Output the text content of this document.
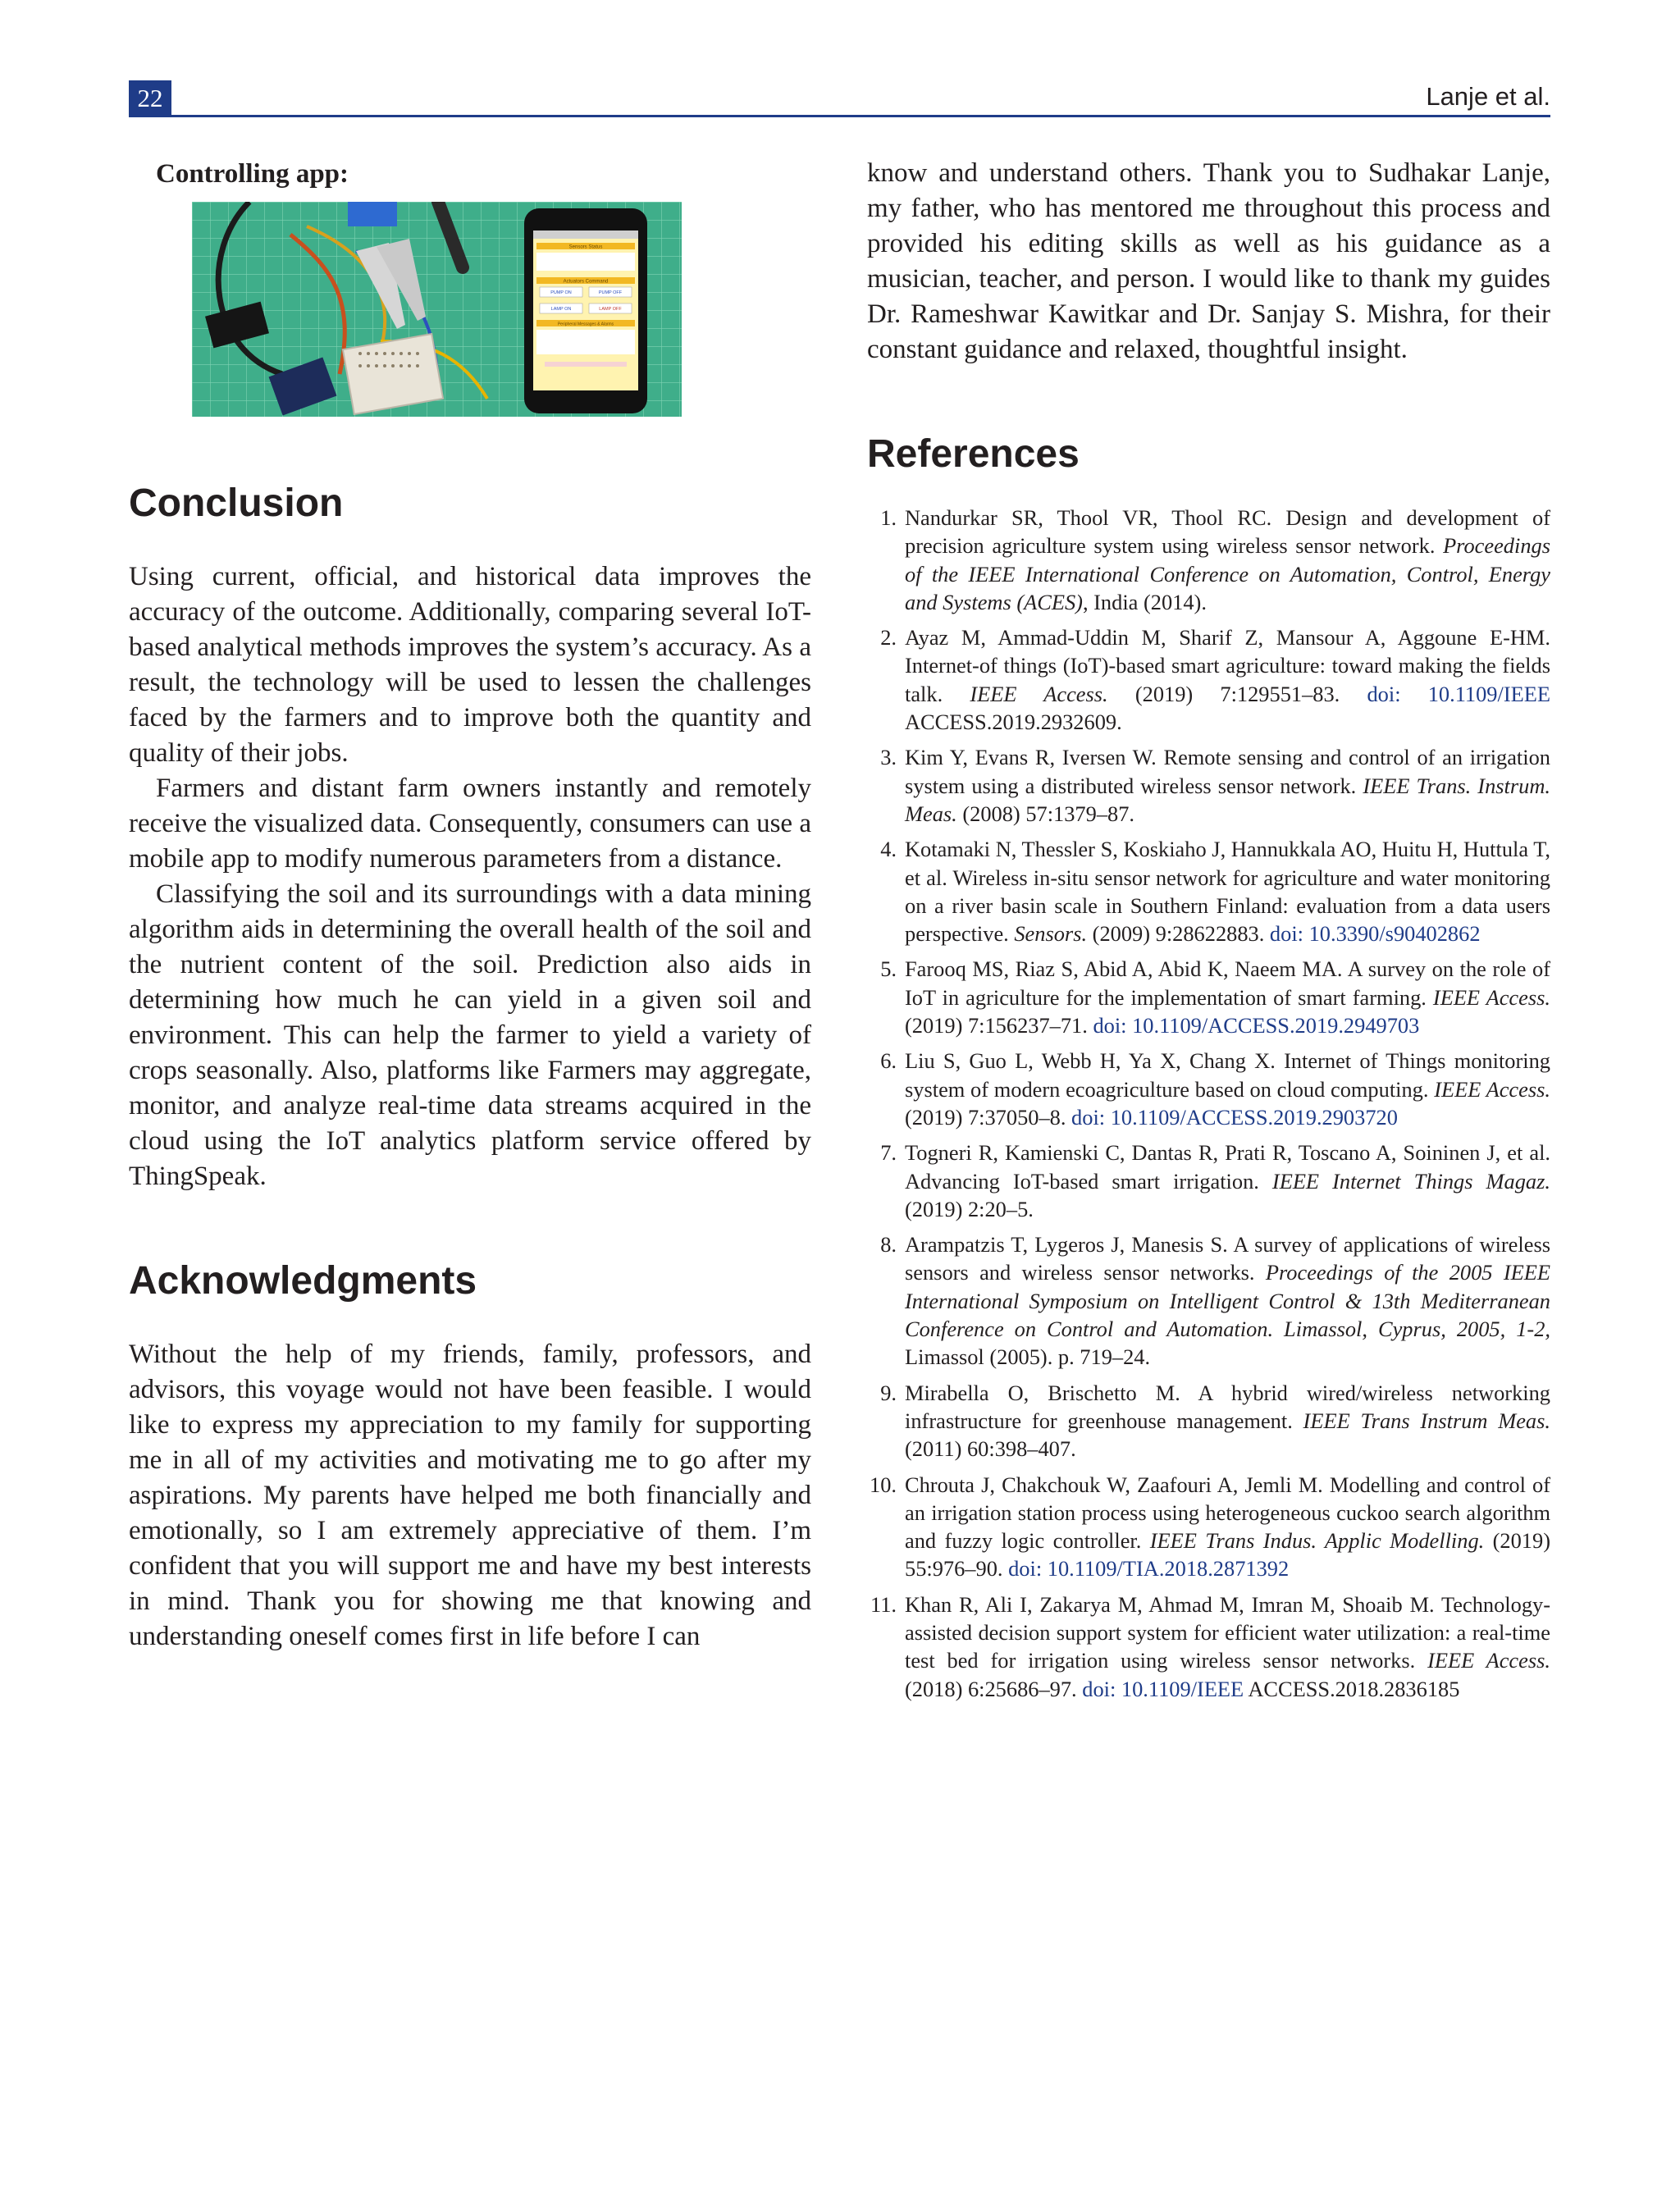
22	Lanje et al.
Controlling app:
Sensors Status
Actuators Command
PUMP ON	PUMP OFF
LAMP ON	LAMP OFF
Peripheral Messages & Alarms
Conclusion

Using current, official, and historical data improves the accuracy of the outcome. Additionally, comparing several IoT-based analytical methods improves the system’s accuracy. As a result, the technology will be used to lessen the challenges faced by the farmers and to improve both the quantity and quality of their jobs.

Farmers and distant farm owners instantly and remotely receive the visualized data. Consequently, consumers can use a mobile app to modify numerous parameters from a distance.

Classifying the soil and its surroundings with a data mining algorithm aids in determining the overall health of the soil and the nutrient content of the soil. Prediction also aids in determining how much he can yield in a given soil and environment. This can help the farmer to yield a variety of crops seasonally. Also, platforms like Farmers may aggregate, monitor, and analyze real-time data streams acquired in the cloud using the IoT analytics platform service offered by ThingSpeak.

Acknowledgments

Without the help of my friends, family, professors, and advisors, this voyage would not have been feasible. I would like to express my appreciation to my family for supporting me in all of my activities and motivating me to go after my aspirations. My parents have helped me both financially and emotionally, so I am extremely appreciative of them. I’m confident that you will support me and have my best interests in mind. Thank you for showing me that knowing and understanding oneself comes first in life before I can

know and understand others. Thank you to Sudhakar Lanje, my father, who has mentored me throughout this process and provided his editing skills as well as his guidance as a musician, teacher, and person. I would like to thank my guides Dr. Rameshwar Kawitkar and Dr. Sanjay S. Mishra, for their constant guidance and relaxed, thoughtful insight.

References
1. Nandurkar SR, Thool VR, Thool RC. Design and development of precision agriculture system using wireless sensor network. Proceedings of the IEEE International Conference on Automation, Control, Energy and Systems (ACES), India (2014).
2. Ayaz M, Ammad-Uddin M, Sharif Z, Mansour A, Aggoune E-HM. Internet-of things (IoT)-based smart agriculture: toward making the fields talk. IEEE Access. (2019) 7:129551–83. doi: 10.1109/IEEE ACCESS.2019.2932609.
3. Kim Y, Evans R, Iversen W. Remote sensing and control of an irrigation system using a distributed wireless sensor network. IEEE Trans. Instrum. Meas. (2008) 57:1379–87.
4. Kotamaki N, Thessler S, Koskiaho J, Hannukkala AO, Huitu H, Huttula T, et al. Wireless in-situ sensor network for agriculture and water monitoring on a river basin scale in Southern Finland: evaluation from a data users perspective. Sensors. (2009) 9:28622883. doi: 10.3390/s90402862
5. Farooq MS, Riaz S, Abid A, Abid K, Naeem MA. A survey on the role of IoT in agriculture for the implementation of smart farming. IEEE Access. (2019) 7:156237–71. doi: 10.1109/ACCESS.2019.2949703
6. Liu S, Guo L, Webb H, Ya X, Chang X. Internet of Things monitoring system of modern ecoagriculture based on cloud computing. IEEE Access. (2019) 7:37050–8. doi: 10.1109/ACCESS.2019.2903720
7. Togneri R, Kamienski C, Dantas R, Prati R, Toscano A, Soininen J, et al. Advancing IoT-based smart irrigation. IEEE Internet Things Magaz. (2019) 2:20–5.
8. Arampatzis T, Lygeros J, Manesis S. A survey of applications of wireless sensors and wireless sensor networks. Proceedings of the 2005 IEEE International Symposium on Intelligent Control & 13th Mediterranean Conference on Control and Automation. Limassol, Cyprus, 2005, 1-2, Limassol (2005). p. 719–24.
9. Mirabella O, Brischetto M. A hybrid wired/wireless networking infrastructure for greenhouse management. IEEE Trans Instrum Meas. (2011) 60:398–407.
10. Chrouta J, Chakchouk W, Zaafouri A, Jemli M. Modelling and control of an irrigation station process using heterogeneous cuckoo search algorithm and fuzzy logic controller. IEEE Trans Indus. Applic Modelling. (2019) 55:976–90. doi: 10.1109/TIA.2018.2871392
11. Khan R, Ali I, Zakarya M, Ahmad M, Imran M, Shoaib M. Technology-assisted decision support system for efficient water utilization: a real-time test bed for irrigation using wireless sensor networks. IEEE Access. (2018) 6:25686–97. doi: 10.1109/IEEE ACCESS.2018.2836185
